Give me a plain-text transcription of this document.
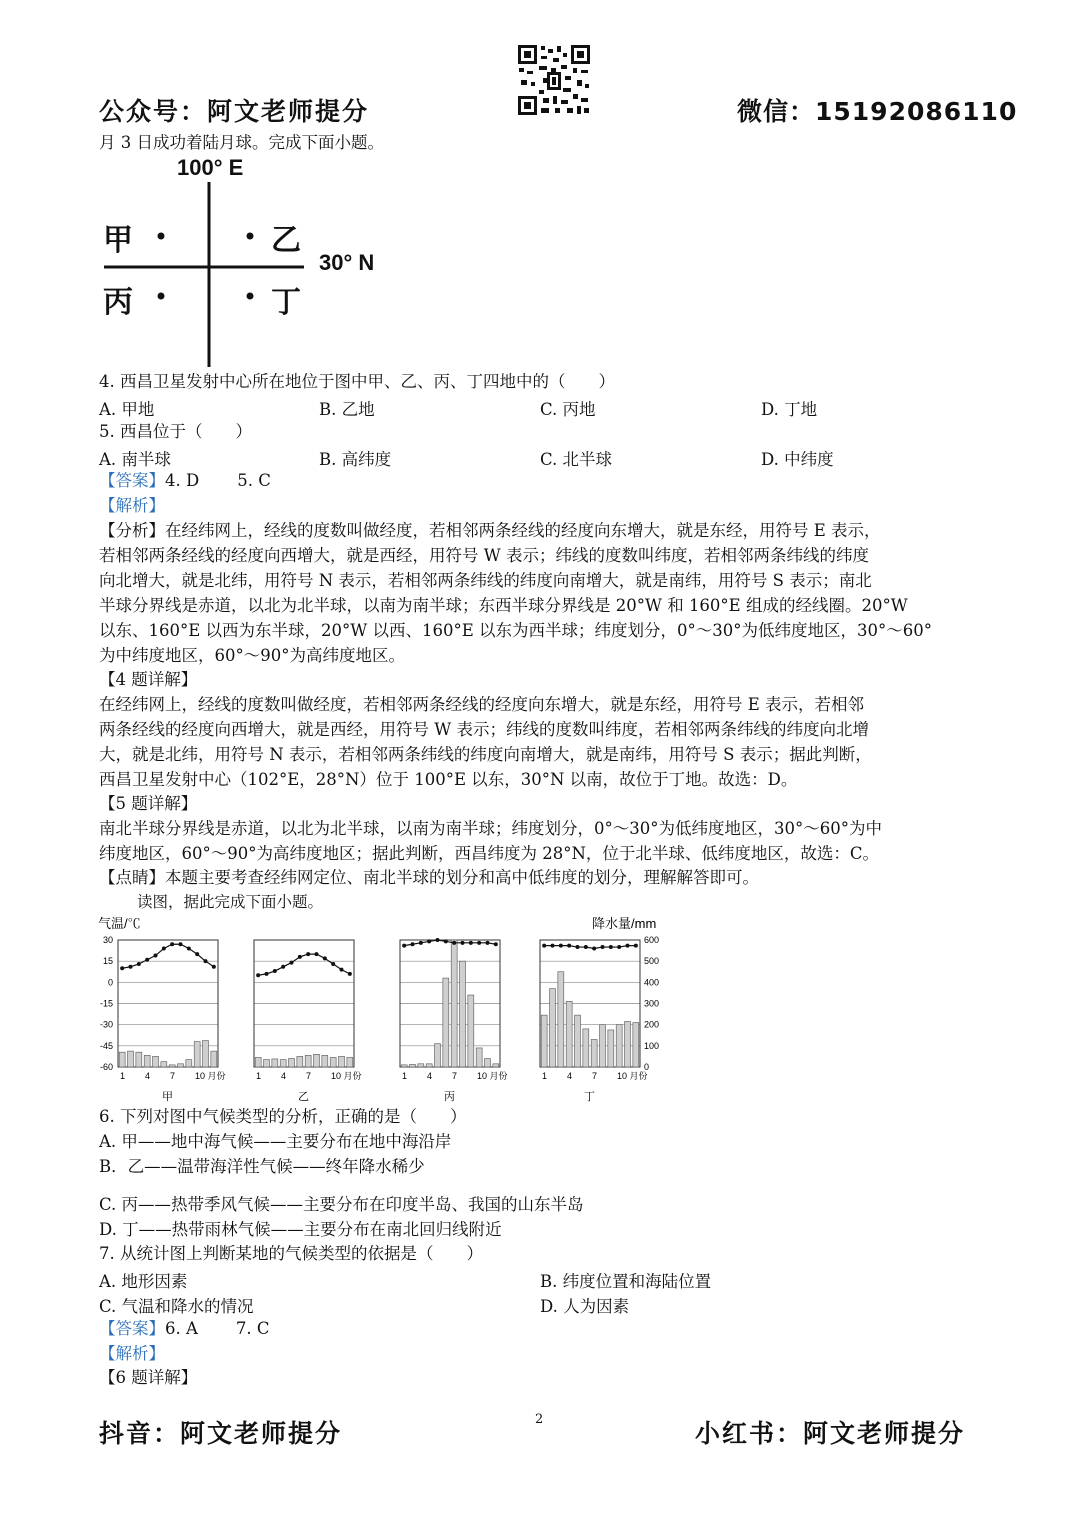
公众号：阿文老师提分	微信：15192086110
月 3 日成功着陆月球。完成下面小题。
100° E
30° N
甲	乙
丙	丁
4. 西昌卫星发射中心所在地位于图中甲、乙、丙、丁四地中的（　　）
A. 甲地	B. 乙地	C. 丙地	D. 丁地
5. 西昌位于（　　）
A. 南半球	B. 高纬度	C. 北半球	D. 中纬度
【答案】4. D 5. C
【解析】
【分析】在经纬网上，经线的度数叫做经度，若相邻两条经线的经度向东增大，就是东经，用符号 E 表示，
若相邻两条经线的经度向西增大，就是西经，用符号 W 表示；纬线的度数叫纬度，若相邻两条纬线的纬度
向北增大，就是北纬，用符号 N 表示，若相邻两条纬线的纬度向南增大，就是南纬，用符号 S 表示；南北
半球分界线是赤道，以北为北半球，以南为南半球；东西半球分界线是 20°W 和 160°E 组成的经线圈。20°W
以东、160°E 以西为东半球，20°W 以西、160°E 以东为西半球；纬度划分，0°～30°为低纬度地区，30°～60°
为中纬度地区，60°～90°为高纬度地区。
【4 题详解】
在经纬网上，经线的度数叫做经度，若相邻两条经线的经度向东增大，就是东经，用符号 E 表示，若相邻
两条经线的经度向西增大，就是西经，用符号 W 表示；纬线的度数叫纬度，若相邻两条纬线的纬度向北增
大，就是北纬，用符号 N 表示，若相邻两条纬线的纬度向南增大，就是南纬，用符号 S 表示；据此判断，
西昌卫星发射中心（102°E，28°N）位于 100°E 以东，30°N 以南，故位于丁地。故选：D。
【5 题详解】
南北半球分界线是赤道，以北为北半球，以南为南半球；纬度划分，0°～30°为低纬度地区，30°～60°为中
纬度地区，60°～90°为高纬度地区；据此判断，西昌纬度为 28°N，位于北半球、低纬度地区，故选：C。
【点睛】本题主要考查经纬网定位、南北半球的划分和高中低纬度的划分，理解解答即可。
读图，据此完成下面小题。
气温/℃	降水量/mm
30
15
0
-15
-30
-45
-60
600
500
400
300
200
100
0
1 4 7 10 月份
甲
1 4 7 10 月份
乙
1 4 7 10 月份
丙
1 4 7 10 月份
丁
6. 下列对图中气候类型的分析，正确的是（　　）
A. 甲——地中海气候——主要分布在地中海沿岸
B．乙——温带海洋性气候——终年降水稀少
C. 丙——热带季风气候——主要分布在印度半岛、我国的山东半岛
D. 丁——热带雨林气候——主要分布在南北回归线附近
7. 从统计图上判断某地的气候类型的依据是（　　）
A. 地形因素	B. 纬度位置和海陆位置
C. 气温和降水的情况	D. 人为因素
【答案】6. A 7. C
【解析】
【6 题详解】
抖音：阿文老师提分	2	小红书：阿文老师提分
